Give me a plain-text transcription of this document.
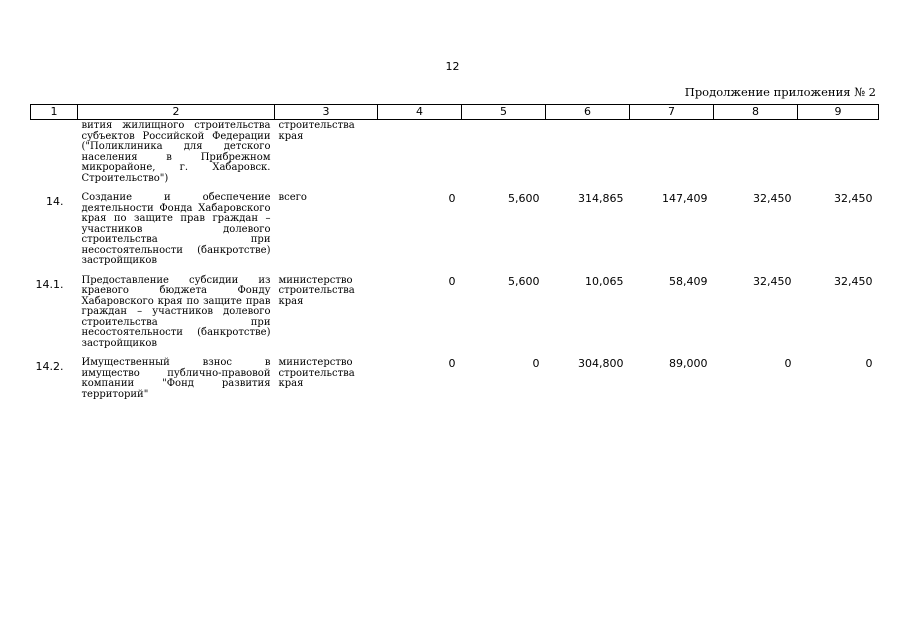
12
Продолжение приложения № 2
1	2	3	4	5	6	7	8	9
	вития жилищного строительства субъектов Российской Федерации ("Поликлиника для детского населения в Прибрежном микрорайоне, г. Хабаровск. Строительство")	строительства края						
14.	Создание и обеспечение деятельности Фонда Хабаровского края по защите прав граждан – участников долевого строительства при несостоятельности (банкротстве) застройщиков	всего	0	5,600	314,865	147,409	32,450	32,450
14.1.	Предоставление субсидии из краевого бюджета Фонду Хабаровского края по защите прав граждан – участников долевого строительства при несостоятельности (банкротстве) застройщиков	министерство строительства края	0	5,600	10,065	58,409	32,450	32,450
14.2.	Имущественный взнос в имущество публично-правовой компании "Фонд развития территорий"	министерство строительства края	0	0	304,800	89,000	0	0
